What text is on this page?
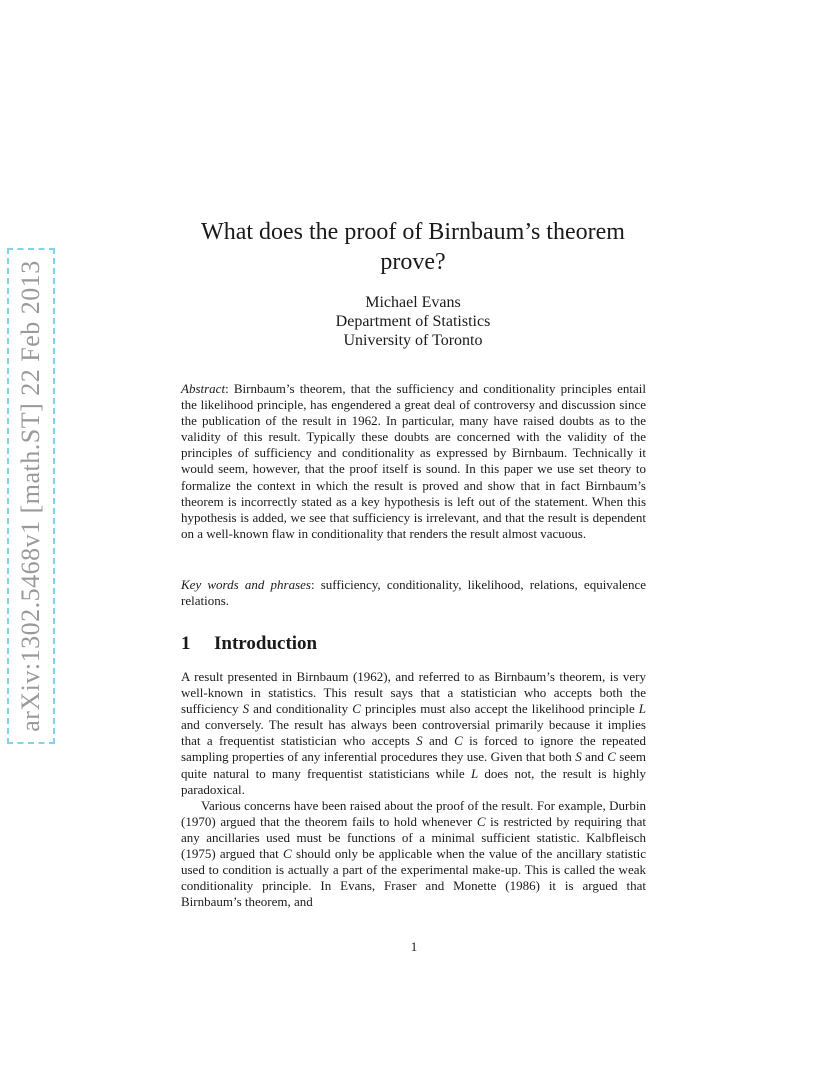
arXiv:1302.5468v1 [math.ST] 22 Feb 2013
What does the proof of Birnbaum’s theorem prove?
Michael Evans
Department of Statistics
University of Toronto
Abstract: Birnbaum’s theorem, that the sufficiency and conditionality principles entail the likelihood principle, has engendered a great deal of controversy and discussion since the publication of the result in 1962. In particular, many have raised doubts as to the validity of this result. Typically these doubts are concerned with the validity of the principles of sufficiency and conditionality as expressed by Birnbaum. Technically it would seem, however, that the proof itself is sound. In this paper we use set theory to formalize the context in which the result is proved and show that in fact Birnbaum’s theorem is incorrectly stated as a key hypothesis is left out of the statement. When this hypothesis is added, we see that sufficiency is irrelevant, and that the result is dependent on a well-known flaw in conditionality that renders the result almost vacuous.
Key words and phrases: sufficiency, conditionality, likelihood, relations, equivalence relations.
1 Introduction

A result presented in Birnbaum (1962), and referred to as Birnbaum’s theorem, is very well-known in statistics. This result says that a statistician who accepts both the sufficiency S and conditionality C principles must also accept the likelihood principle L and conversely. The result has always been controversial primarily because it implies that a frequentist statistician who accepts S and C is forced to ignore the repeated sampling properties of any inferential procedures they use. Given that both S and C seem quite natural to many frequentist statisticians while L does not, the result is highly paradoxical.

Various concerns have been raised about the proof of the result. For example, Durbin (1970) argued that the theorem fails to hold whenever C is restricted by requiring that any ancillaries used must be functions of a minimal sufficient statistic. Kalbfleisch (1975) argued that C should only be applicable when the value of the ancillary statistic used to condition is actually a part of the experimental make-up. This is called the weak conditionality principle. In Evans, Fraser and Monette (1986) it is argued that Birnbaum’s theorem, and

1
